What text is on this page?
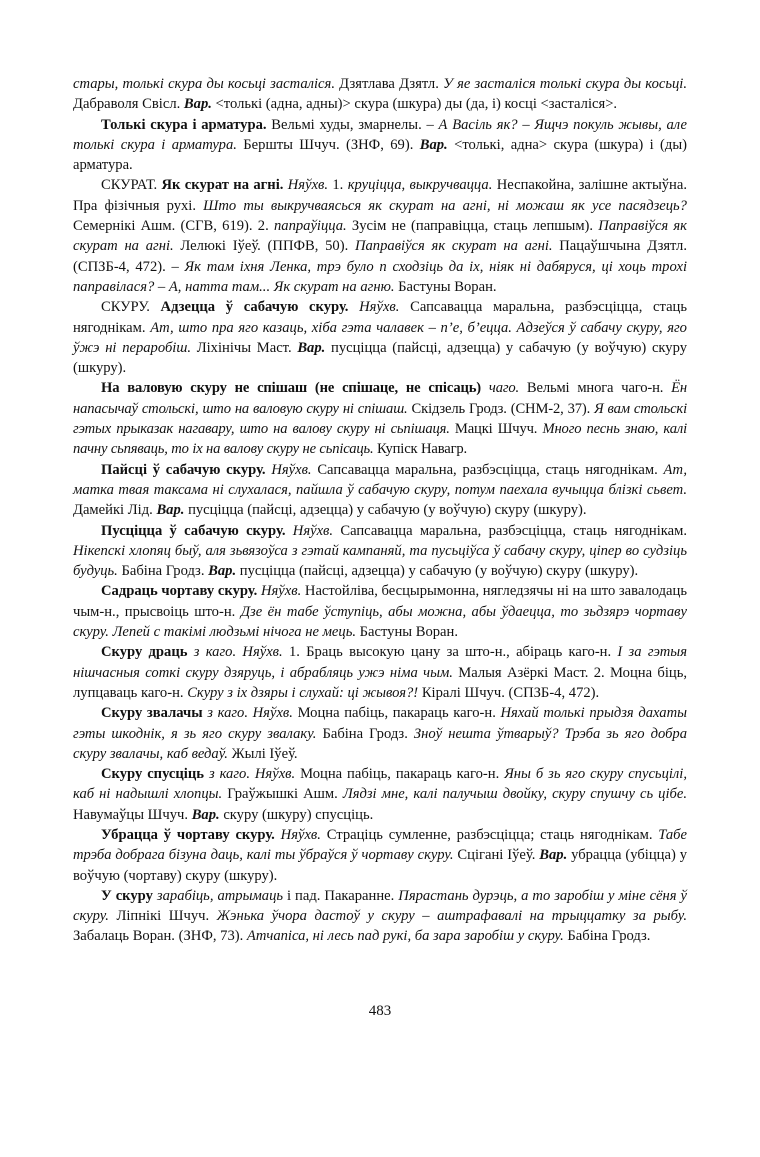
стары, толькі скура ды косьці засталіся. Дзятлава Дзятл. У яе засталіся толькі скура ды косьці. Дабраволя Свісл. Вар. <толькі (адна, адны)> скура (шкура) ды (да, і) косці <засталіся>.

Толькі скура і арматура. Вельмі худы, змарнелы. – А Васіль як? – Ящчэ покуль жывы, але толькі скура і арматура. Бершты Шчуч. (ЗНФ, 69). Вар. <толькі, адна> скура (шкура) і (ды) арматура.

СКУРАТ. Як скурат на агні. Няўхв. 1. круціцца, выкручвацца. Неспакойна, залішне актыўна. Пра фізічныя рухі. Што ты выкручваясься як скурат на агні, ні можаш як усе пасядзець? Семернікі Ашм. (СГВ, 619). 2. папраўіцца. Зусім не (паправіцца, стаць лепшым). Паправіўся як скурат на агні. Лелюкі Іўеў. (ППФВ, 50). Паправіўся як скурат на агні. Пацаўшчына Дзятл. (СПЗБ-4, 472). – Як там іхня Ленка, трэ було п сходзіць да іх, ніяк ні дабяруся, ці хоць трохі паправілася? – А, натта там... Як скурат на агню. Бастуны Воран.

СКУРУ. Адзецца ў сабачую скуру. Няўхв. Сапсавацца маральна, разбэсціцца, стаць нягоднікам. Ат, што пра яго казаць, хіба гэта чалавек – п’е, б’ецца. Адзеўся ў сабачу скуру, яго ўжэ ні пераробіш. Ліхінічы Маст. Вар. пусціцца (пайсці, адзецца) у сабачую (у воўчую) скуру (шкуру).

На валовую скуру не спішаш (не спішаце, не спісаць) чаго. Вельмі многа чаго-н. Ён напасычаў стольскі, што на валовую скуру ні спішаш. Скідзель Гродз. (СНМ-2, 37). Я вам стольскі гэтых прыказак нагавару, што на валову скуру ні сьпішаця. Мацкі Шчуч. Много песнь знаю, калі пачну сьпяваць, то іх на валову скуру не сьпісаць. Купіск Навагр.

Пайсці ў сабачую скуру. Няўхв. Сапсавацца маральна, разбэсціцца, стаць нягоднікам. Ат, матка твая таксама ні слухалася, пайшла ў сабачую скуру, потум паехала вучыцца блізкі сьвет. Дамейкі Лід. Вар. пусціцца (пайсці, адзецца) у сабачую (у воўчую) скуру (шкуру).

Пусціцца ў сабачую скуру. Няўхв. Сапсавацца маральна, разбэсціцца, стаць нягоднікам. Нікепскі хлопяц быў, аля зьвязоўса з гэтай кампаняй, та пусьціўса ў сабачу скуру, ціпер во судзіць будуць. Бабіна Гродз. Вар. пусціцца (пайсці, адзецца) у сабачую (у воўчую) скуру (шкуру).

Садраць чортаву скуру. Няўхв. Настойліва, бесцырымонна, нягледзячы ні на што завалодаць чым-н., прысвоіць што-н. Дзе ён табе ўступіць, абы можна, абы ўдаецца, то зьдзярэ чортаву скуру. Лепей с такімі людзьмі нічога не мець. Бастуны Воран.

Скуру драць з каго. Няўхв. 1. Браць высокую цану за што-н., абіраць каго-н. І за гэтыя нішчасныя соткі скуру дзяруць, і абрабляць ужэ німа чым. Малыя Азёркі Маст. 2. Моцна біць, лупцаваць каго-н. Скуру з іх дзяры і слухай: ці жывоя?! Кіралі Шчуч. (СПЗБ-4, 472).

Скуру звалачы з каго. Няўхв. Моцна пабіць, пакараць каго-н. Няхай толькі прыдзя дахаты гэты шкоднік, я зь яго скуру звалаку. Бабіна Гродз. Зноў нешта ўтварыў? Трэба зь яго добра скуру звалачы, каб ведаў. Жылі Іўеў.

Скуру спусціць з каго. Няўхв. Моцна пабіць, пакараць каго-н. Яны б зь яго скуру спусьцілі, каб ні надышлі хлопцы. Граўжышкі Ашм. Лядзі мне, калі палучыш двойку, скуру спушчу сь цібе. Навумаўцы Шчуч. Вар. скуру (шкуру) спусціць.

Убрацца ў чортаву скуру. Няўхв. Страціць сумленне, разбэсціцца; стаць нягоднікам. Табе трэба добрага бізуна даць, калі ты ўбраўся ў чортаву скуру. Сцігані Іўеў. Вар. убрацца (убіцца) у воўчую (чортаву) скуру (шкуру).

У скуру зарабіць, атрымаць і пад. Пакаранне. Пярастань дурэць, а то заробіш у міне сёня ў скуру. Ліпнікі Шчуч. Жэнька ўчора дастоў у скуру – аштрафавалі на трыццатку за рыбу. Забалаць Воран. (ЗНФ, 73). Атчапіса, ні лесь пад рукі, ба зара заробіш у скуру. Бабіна Гродз.

483
